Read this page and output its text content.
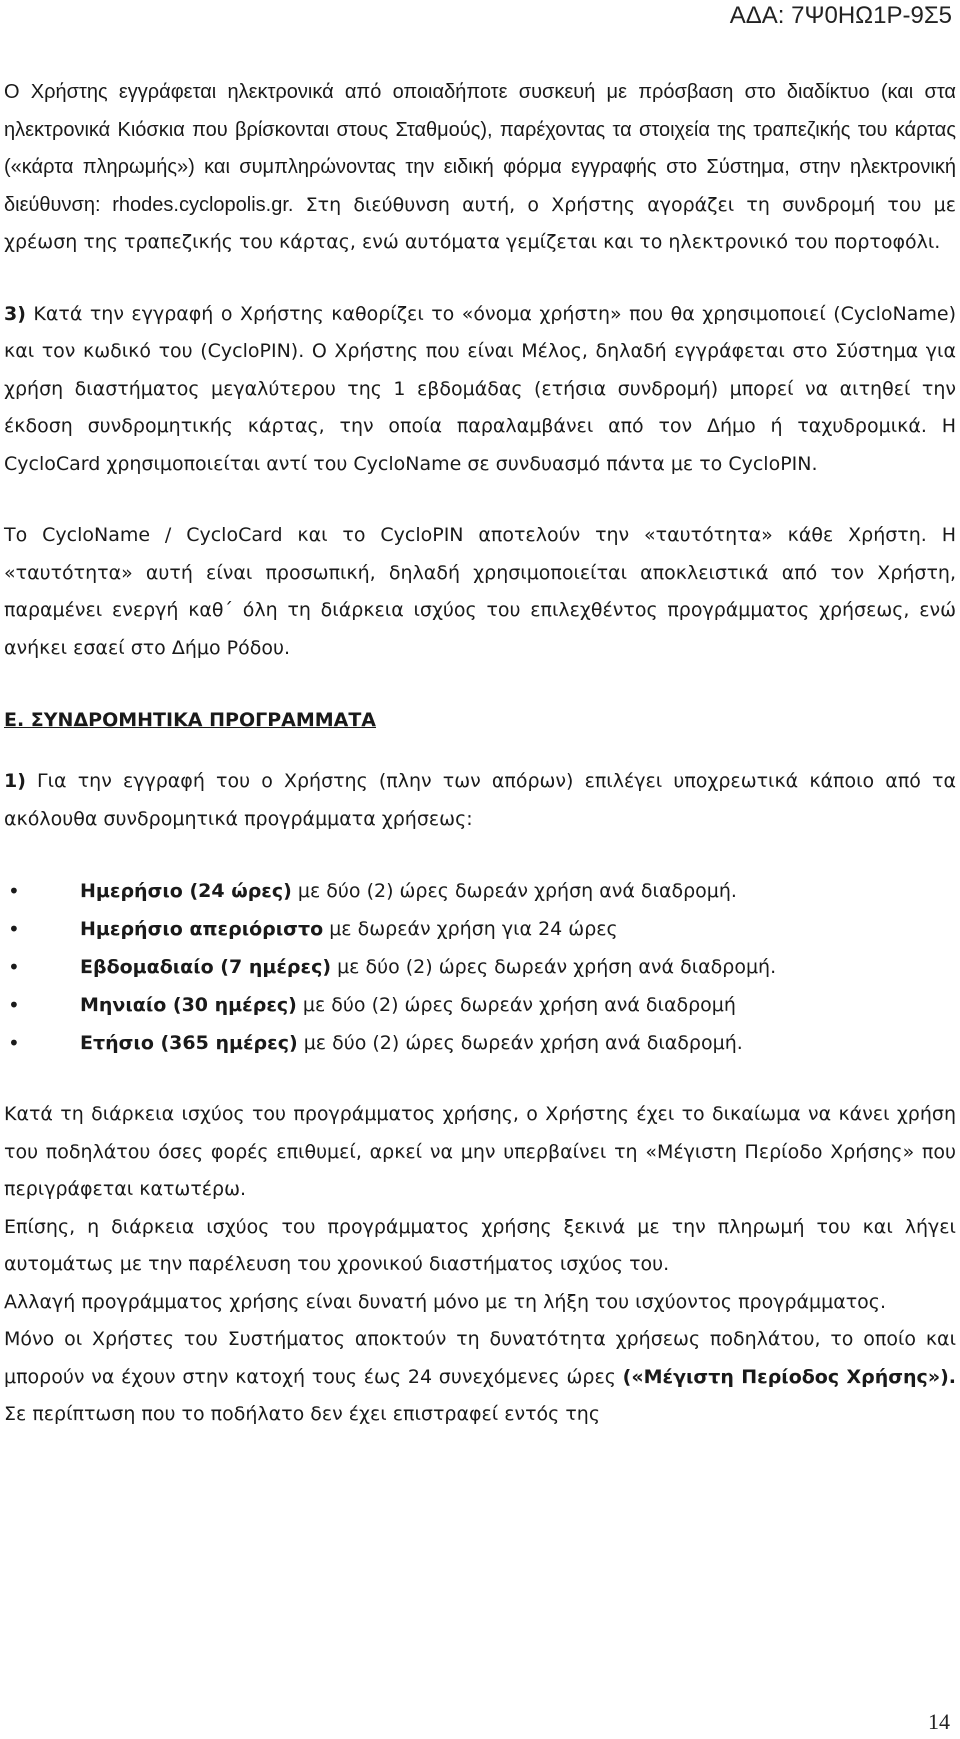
ΑΔΑ: 7Ψ0ΗΩ1Ρ-9Σ5

Ο Χρήστης εγγράφεται ηλεκτρονικά από οποιαδήποτε συσκευή με πρόσβαση στο διαδίκτυο (και στα ηλεκτρονικά Κιόσκια που βρίσκονται στους Σταθμούς), παρέχοντας τα στοιχεία της τραπεζικής του κάρτας («κάρτα πληρωμής») και συμπληρώνοντας την ειδική φόρμα εγγραφής στο Σύστημα, στην ηλεκτρονική διεύθυνση: rhodes.cyclopolis.gr. Στη διεύθυνση αυτή, ο Χρήστης αγοράζει τη συνδρομή του με χρέωση της τραπεζικής του κάρτας, ενώ αυτόματα γεμίζεται και το ηλεκτρονικό του πορτοφόλι.

3) Κατά την εγγραφή ο Χρήστης καθορίζει το «όνομα χρήστη» που θα χρησιμοποιεί (CycloName) και τον κωδικό του (CycloPIN). Ο Χρήστης που είναι Μέλος, δηλαδή εγγράφεται στο Σύστημα για χρήση διαστήματος μεγαλύτερου της 1 εβδομάδας (ετήσια συνδρομή) μπορεί να αιτηθεί την έκδοση συνδρομητικής κάρτας, την οποία παραλαμβάνει από τον Δήμο ή ταχυδρομικά. Η CycloCard χρησιμοποιείται αντί του CycloName σε συνδυασμό πάντα με το CycloPIN.

Το CycloName / CycloCard και το CycloPIN αποτελούν την «ταυτότητα» κάθε Χρήστη. Η «ταυτότητα» αυτή είναι προσωπική, δηλαδή χρησιμοποιείται αποκλειστικά από τον Χρήστη, παραμένει ενεργή καθ΄ όλη τη διάρκεια ισχύος του επιλεχθέντος προγράμματος χρήσεως, ενώ ανήκει εσαεί στο Δήμο Ρόδου.

Ε. ΣΥΝΔΡΟΜΗΤΙΚΑ ΠΡΟΓΡΑΜΜΑΤΑ

1) Για την εγγραφή του ο Χρήστης (πλην των απόρων) επιλέγει υποχρεωτικά κάποιο από τα ακόλουθα συνδρομητικά προγράμματα χρήσεως:

• Ημερήσιο (24 ώρες) με δύο (2) ώρες δωρεάν χρήση ανά διαδρομή.
• Ημερήσιο απεριόριστο με δωρεάν χρήση για 24 ώρες
• Εβδομαδιαίο (7 ημέρες) με δύο (2) ώρες δωρεάν χρήση ανά διαδρομή.
• Μηνιαίο (30 ημέρες) με δύο (2) ώρες δωρεάν χρήση ανά διαδρομή
• Ετήσιο (365 ημέρες) με δύο (2) ώρες δωρεάν χρήση ανά διαδρομή.

Κατά τη διάρκεια ισχύος του προγράμματος χρήσης, ο Χρήστης έχει το δικαίωμα να κάνει χρήση του ποδηλάτου όσες φορές επιθυμεί, αρκεί να μην υπερβαίνει τη «Μέγιστη Περίοδο Χρήσης» που περιγράφεται κατωτέρω.

Επίσης, η διάρκεια ισχύος του προγράμματος χρήσης ξεκινά με την πληρωμή του και λήγει αυτομάτως με την παρέλευση του χρονικού διαστήματος ισχύος του.

Αλλαγή προγράμματος χρήσης είναι δυνατή μόνο με τη λήξη του ισχύοντος προγράμματος.

Μόνο οι Χρήστες του Συστήματος αποκτούν τη δυνατότητα χρήσεως ποδηλάτου, το οποίο και μπορούν να έχουν στην κατοχή τους έως 24 συνεχόμενες ώρες («Μέγιστη Περίοδος Χρήσης»). Σε περίπτωση που το ποδήλατο δεν έχει επιστραφεί εντός της

14
